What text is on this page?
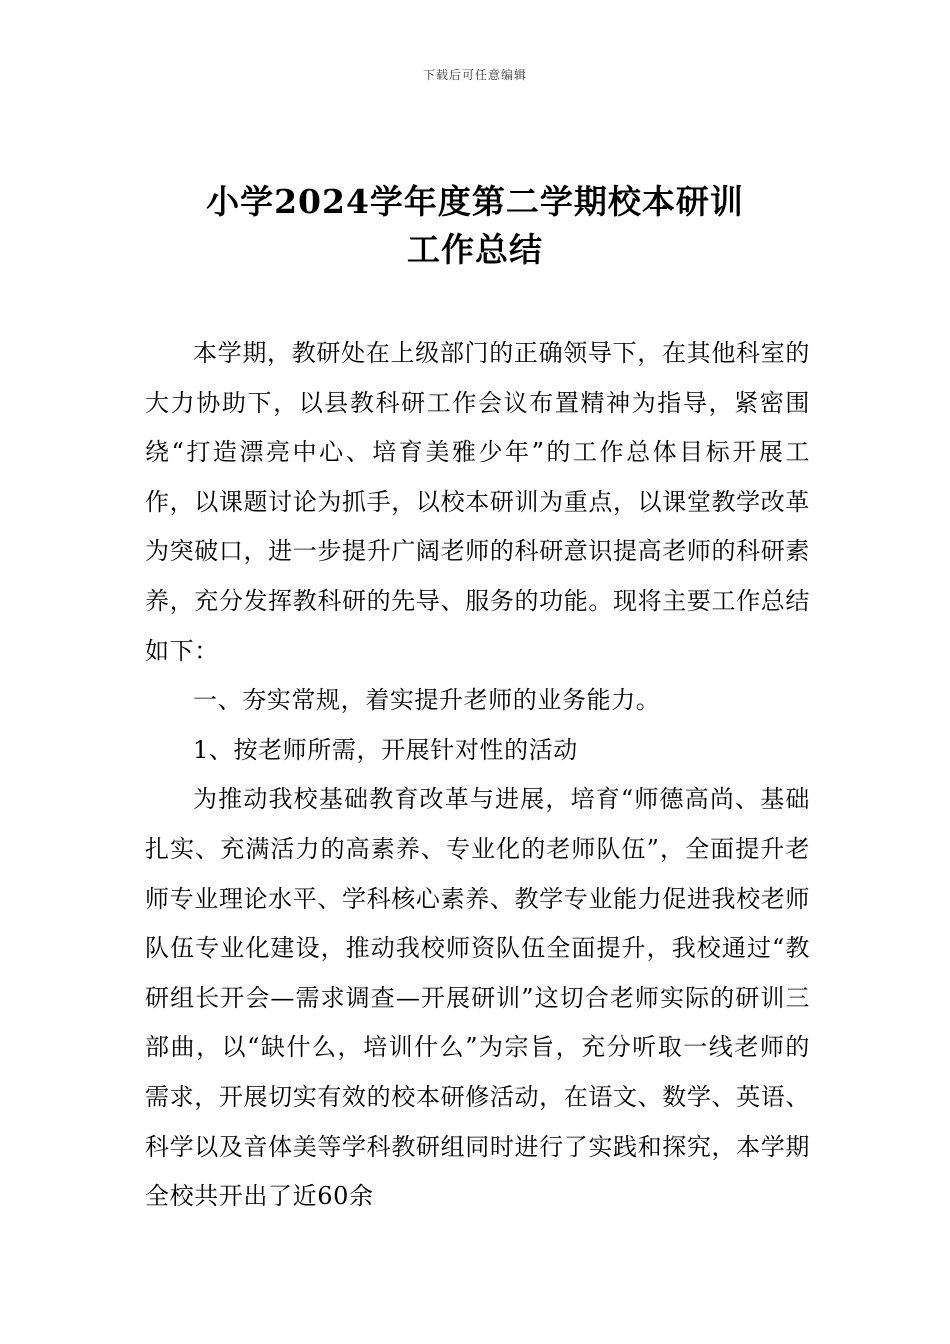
下载后可任意编辑
小学2024学年度第二学期校本研训
工作总结

本学期，教研处在上级部门的正确领导下，在其他科室的大力协助下，以县教科研工作会议布置精神为指导，紧密围绕“打造漂亮中心、培育美雅少年”的工作总体目标开展工作，以课题讨论为抓手，以校本研训为重点，以课堂教学改革为突破口，进一步提升广阔老师的科研意识提高老师的科研素养，充分发挥教科研的先导、服务的功能。现将主要工作总结如下：

一、夯实常规，着实提升老师的业务能力。

1、按老师所需，开展针对性的活动

为推动我校基础教育改革与进展，培育“师德高尚、基础扎实、充满活力的高素养、专业化的老师队伍”，全面提升老师专业理论水平、学科核心素养、教学专业能力促进我校老师队伍专业化建设，推动我校师资队伍全面提升，我校通过“教研组长开会—需求调查—开展研训”这切合老师实际的研训三部曲，以“缺什么，培训什么”为宗旨，充分听取一线老师的需求，开展切实有效的校本研修活动，在语文、数学、英语、科学以及音体美等学科教研组同时进行了实践和探究，本学期全校共开出了近60余
